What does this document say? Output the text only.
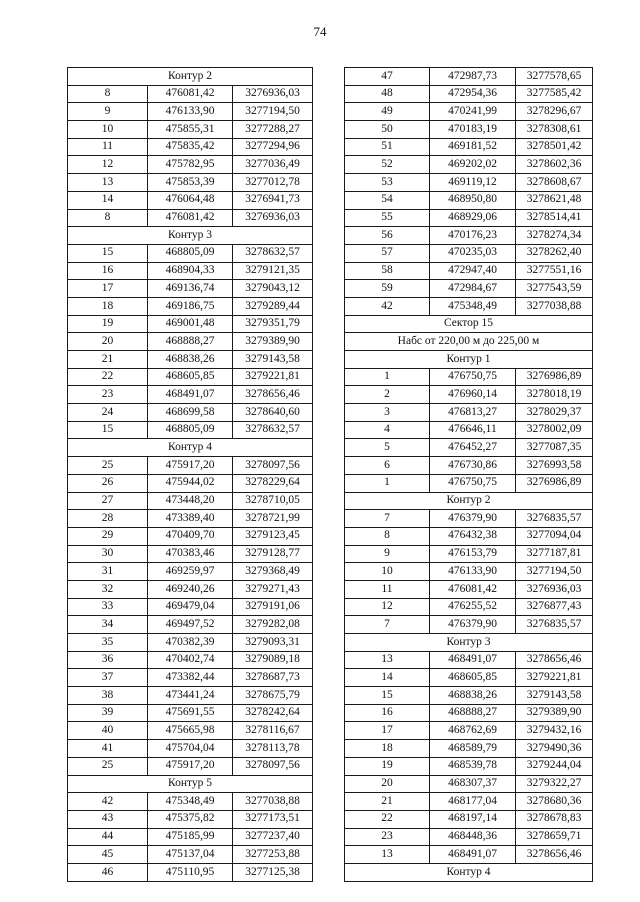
74
Контур 2		
8	476081,42	3276936,03
9	476133,90	3277194,50
10	475855,31	3277288,27
11	475835,42	3277294,96
12	475782,95	3277036,49
13	475853,39	3277012,78
14	476064,48	3276941,73
8	476081,42	3276936,03
Контур 3		
15	468805,09	3278632,57
16	468904,33	3279121,35
17	469136,74	3279043,12
18	469186,75	3279289,44
19	469001,48	3279351,79
20	468888,27	3279389,90
21	468838,26	3279143,58
22	468605,85	3279221,81
23	468491,07	3278656,46
24	468699,58	3278640,60
15	468805,09	3278632,57
Контур 4		
25	475917,20	3278097,56
26	475944,02	3278229,64
27	473448,20	3278710,05
28	473389,40	3278721,99
29	470409,70	3279123,45
30	470383,46	3279128,77
31	469259,97	3279368,49
32	469240,26	3279271,43
33	469479,04	3279191,06
34	469497,52	3279282,08
35	470382,39	3279093,31
36	470402,74	3279089,18
37	473382,44	3278687,73
38	473441,24	3278675,79
39	475691,55	3278242,64
40	475665,98	3278116,67
41	475704,04	3278113,78
25	475917,20	3278097,56
Контур 5		
42	475348,49	3277038,88
43	475375,82	3277173,51
44	475185,99	3277237,40
45	475137,04	3277253,88
46	475110,95	3277125,38
47	472987,73	3277578,65
48	472954,36	3277585,42
49	470241,99	3278296,67
50	470183,19	3278308,61
51	469181,52	3278501,42
52	469202,02	3278602,36
53	469119,12	3278608,67
54	468950,80	3278621,48
55	468929,06	3278514,41
56	470176,23	3278274,34
57	470235,03	3278262,40
58	472947,40	3277551,16
59	472984,67	3277543,59
42	475348,49	3277038,88
Сектор 15		
Набс от 220,00 м до 225,00 м		
Контур 1		
1	476750,75	3276986,89
2	476960,14	3278018,19
3	476813,27	3278029,37
4	476646,11	3278002,09
5	476452,27	3277087,35
6	476730,86	3276993,58
1	476750,75	3276986,89
Контур 2		
7	476379,90	3276835,57
8	476432,38	3277094,04
9	476153,79	3277187,81
10	476133,90	3277194,50
11	476081,42	3276936,03
12	476255,52	3276877,43
7	476379,90	3276835,57
Контур 3		
13	468491,07	3278656,46
14	468605,85	3279221,81
15	468838,26	3279143,58
16	468888,27	3279389,90
17	468762,69	3279432,16
18	468589,79	3279490,36
19	468539,78	3279244,04
20	468307,37	3279322,27
21	468177,04	3278680,36
22	468197,14	3278678,83
23	468448,36	3278659,71
13	468491,07	3278656,46
Контур 4		
